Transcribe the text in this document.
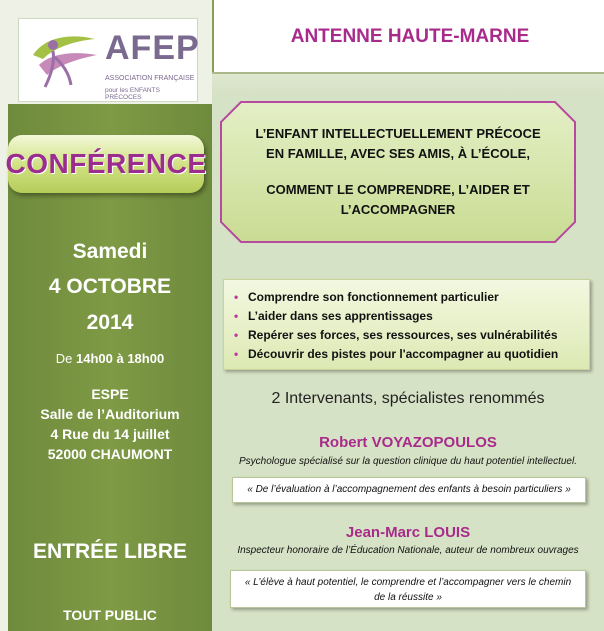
AFEP
ASSOCIATION FRANÇAISE
pour les ENFANTS PRÉCOCES
CONFÉRENCE
Samedi
4 OCTOBRE
2014
De 14h00 à 18h00
ESPE
Salle de l’Auditorium
4 Rue du 14 juillet
52000 CHAUMONT
ENTRÉE LIBRE
TOUT PUBLIC
ANTENNE HAUTE-MARNE
L’ENFANT INTELLECTUELLEMENT PRÉCOCE
EN FAMILLE, AVEC SES AMIS, À L’ÉCOLE,
COMMENT LE COMPRENDRE, L’AIDER ET
L’ACCOMPAGNER
• Comprendre son fonctionnement particulier
• L’aider dans ses apprentissages
• Repérer ses forces, ses ressources, ses vulnérabilités
• Découvrir des pistes pour l'accompagner au quotidien
2 Intervenants, spécialistes renommés
Robert VOYAZOPOULOS
Psychologue spécialisé sur la question clinique du haut potentiel intellectuel.
« De l’évaluation à l’accompagnement des enfants à besoin particuliers »
Jean-Marc LOUIS
Inspecteur honoraire de l’Éducation Nationale, auteur de nombreux ouvrages
« L’élève à haut potentiel, le comprendre et l’accompagner vers le chemin
de la réussite »
